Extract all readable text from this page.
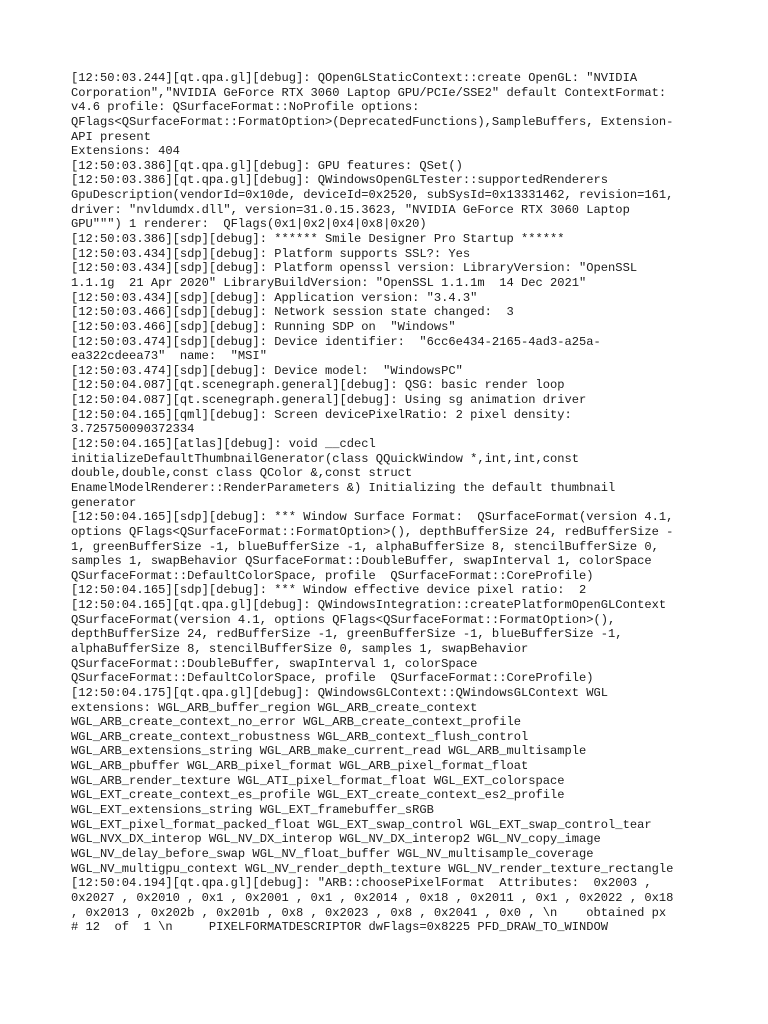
[12:50:03.244][qt.qpa.gl][debug]: QOpenGLStaticContext::create OpenGL: "NVIDIA
Corporation","NVIDIA GeForce RTX 3060 Laptop GPU/PCIe/SSE2" default ContextFormat:
v4.6 profile: QSurfaceFormat::NoProfile options:
QFlags<QSurfaceFormat::FormatOption>(DeprecatedFunctions),SampleBuffers, Extension-
API present
Extensions: 404
[12:50:03.386][qt.qpa.gl][debug]: GPU features: QSet()
[12:50:03.386][qt.qpa.gl][debug]: QWindowsOpenGLTester::supportedRenderers
GpuDescription(vendorId=0x10de, deviceId=0x2520, subSysId=0x13331462, revision=161,
driver: "nvldumdx.dll", version=31.0.15.3623, "NVIDIA GeForce RTX 3060 Laptop
GPU""") 1 renderer:  QFlags(0x1|0x2|0x4|0x8|0x20)
[12:50:03.386][sdp][debug]: ****** Smile Designer Pro Startup ******
[12:50:03.434][sdp][debug]: Platform supports SSL?: Yes
[12:50:03.434][sdp][debug]: Platform openssl version: LibraryVersion: "OpenSSL
1.1.1g  21 Apr 2020" LibraryBuildVersion: "OpenSSL 1.1.1m  14 Dec 2021"
[12:50:03.434][sdp][debug]: Application version: "3.4.3"
[12:50:03.466][sdp][debug]: Network session state changed:  3
[12:50:03.466][sdp][debug]: Running SDP on  "Windows"
[12:50:03.474][sdp][debug]: Device identifier:  "6cc6e434-2165-4ad3-a25a-
ea322cdeea73"  name:  "MSI"
[12:50:03.474][sdp][debug]: Device model:  "WindowsPC"
[12:50:04.087][qt.scenegraph.general][debug]: QSG: basic render loop
[12:50:04.087][qt.scenegraph.general][debug]: Using sg animation driver
[12:50:04.165][qml][debug]: Screen devicePixelRatio: 2 pixel density:
3.725750090372334
[12:50:04.165][atlas][debug]: void __cdecl
initializeDefaultThumbnailGenerator(class QQuickWindow *,int,int,const
double,double,const class QColor &,const struct
EnamelModelRenderer::RenderParameters &) Initializing the default thumbnail
generator
[12:50:04.165][sdp][debug]: *** Window Surface Format:  QSurfaceFormat(version 4.1,
options QFlags<QSurfaceFormat::FormatOption>(), depthBufferSize 24, redBufferSize -
1, greenBufferSize -1, blueBufferSize -1, alphaBufferSize 8, stencilBufferSize 0,
samples 1, swapBehavior QSurfaceFormat::DoubleBuffer, swapInterval 1, colorSpace
QSurfaceFormat::DefaultColorSpace, profile  QSurfaceFormat::CoreProfile)
[12:50:04.165][sdp][debug]: *** Window effective device pixel ratio:  2
[12:50:04.165][qt.qpa.gl][debug]: QWindowsIntegration::createPlatformOpenGLContext
QSurfaceFormat(version 4.1, options QFlags<QSurfaceFormat::FormatOption>(),
depthBufferSize 24, redBufferSize -1, greenBufferSize -1, blueBufferSize -1,
alphaBufferSize 8, stencilBufferSize 0, samples 1, swapBehavior
QSurfaceFormat::DoubleBuffer, swapInterval 1, colorSpace
QSurfaceFormat::DefaultColorSpace, profile  QSurfaceFormat::CoreProfile)
[12:50:04.175][qt.qpa.gl][debug]: QWindowsGLContext::QWindowsGLContext WGL
extensions: WGL_ARB_buffer_region WGL_ARB_create_context
WGL_ARB_create_context_no_error WGL_ARB_create_context_profile
WGL_ARB_create_context_robustness WGL_ARB_context_flush_control
WGL_ARB_extensions_string WGL_ARB_make_current_read WGL_ARB_multisample
WGL_ARB_pbuffer WGL_ARB_pixel_format WGL_ARB_pixel_format_float
WGL_ARB_render_texture WGL_ATI_pixel_format_float WGL_EXT_colorspace
WGL_EXT_create_context_es_profile WGL_EXT_create_context_es2_profile
WGL_EXT_extensions_string WGL_EXT_framebuffer_sRGB
WGL_EXT_pixel_format_packed_float WGL_EXT_swap_control WGL_EXT_swap_control_tear
WGL_NVX_DX_interop WGL_NV_DX_interop WGL_NV_DX_interop2 WGL_NV_copy_image
WGL_NV_delay_before_swap WGL_NV_float_buffer WGL_NV_multisample_coverage
WGL_NV_multigpu_context WGL_NV_render_depth_texture WGL_NV_render_texture_rectangle
[12:50:04.194][qt.qpa.gl][debug]: "ARB::choosePixelFormat  Attributes:  0x2003 ,
0x2027 , 0x2010 , 0x1 , 0x2001 , 0x1 , 0x2014 , 0x18 , 0x2011 , 0x1 , 0x2022 , 0x18
, 0x2013 , 0x202b , 0x201b , 0x8 , 0x2023 , 0x8 , 0x2041 , 0x0 , \n    obtained px
# 12  of  1 \n     PIXELFORMATDESCRIPTOR dwFlags=0x8225 PFD_DRAW_TO_WINDOW
